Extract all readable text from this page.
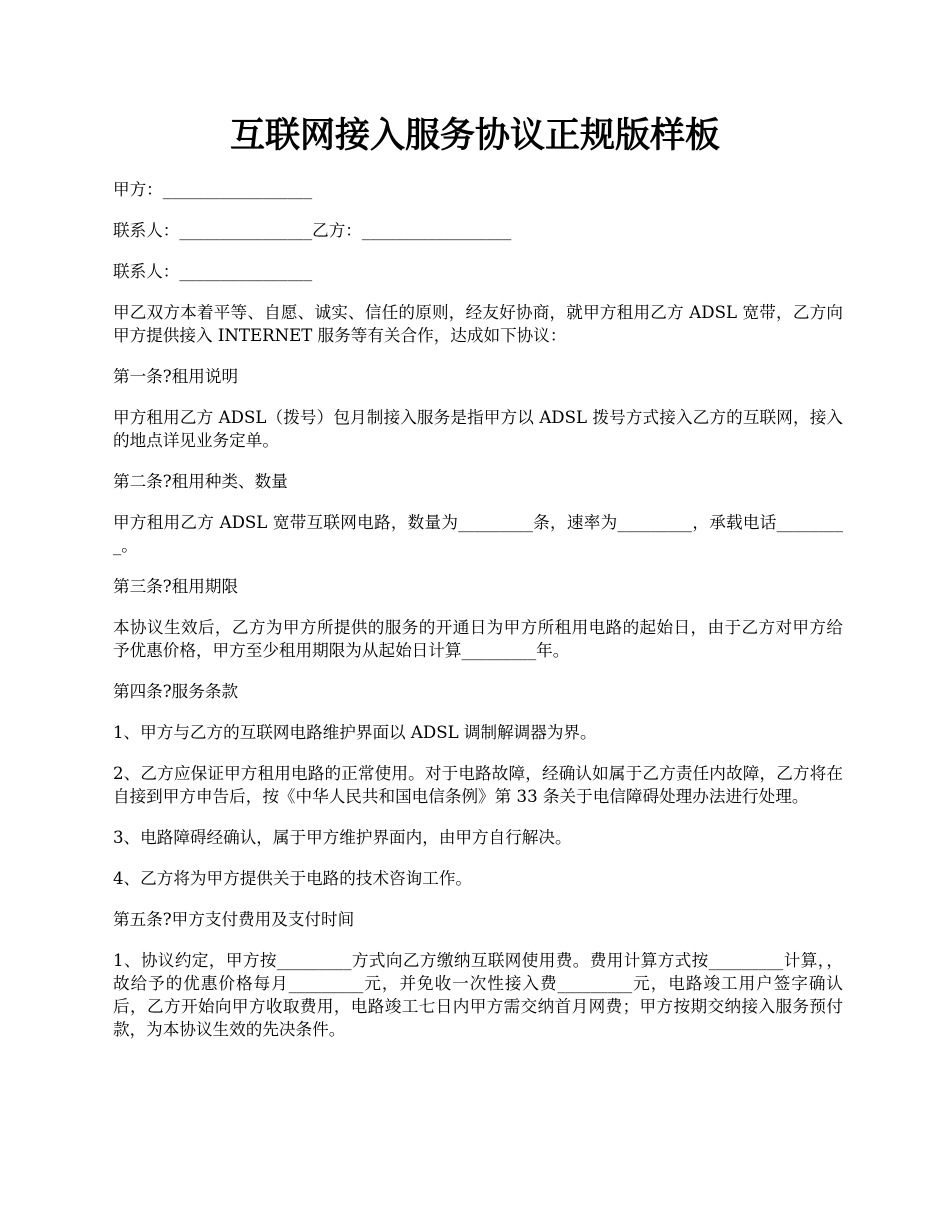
互联网接入服务协议正规版样板

甲方：__________________

联系人：________________乙方：__________________

联系人：________________

甲乙双方本着平等、自愿、诚实、信任的原则，经友好协商，就甲方租用乙方 ADSL 宽带，乙方向甲方提供接入 INTERNET 服务等有关合作，达成如下协议：

第一条?租用说明

甲方租用乙方 ADSL（拨号）包月制接入服务是指甲方以 ADSL 拨号方式接入乙方的互联网，接入的地点详见业务定单。

第二条?租用种类、数量

甲方租用乙方 ADSL 宽带互联网电路，数量为_________条，速率为_________，承载电话_________。

第三条?租用期限

本协议生效后，乙方为甲方所提供的服务的开通日为甲方所租用电路的起始日，由于乙方对甲方给予优惠价格，甲方至少租用期限为从起始日计算_________年。

第四条?服务条款

1、甲方与乙方的互联网电路维护界面以 ADSL 调制解调器为界。

2、乙方应保证甲方租用电路的正常使用。对于电路故障，经确认如属于乙方责任内故障，乙方将在自接到甲方申告后，按《中华人民共和国电信条例》第 33 条关于电信障碍处理办法进行处理。

3、电路障碍经确认，属于甲方维护界面内，由甲方自行解决。

4、乙方将为甲方提供关于电路的技术咨询工作。

第五条?甲方支付费用及支付时间

1、协议约定，甲方按_________方式向乙方缴纳互联网使用费。费用计算方式按_________计算，，故给予的优惠价格每月_________元，并免收一次性接入费_________元，电路竣工用户签字确认后，乙方开始向甲方收取费用，电路竣工七日内甲方需交纳首月网费；甲方按期交纳接入服务预付款，为本协议生效的先决条件。
